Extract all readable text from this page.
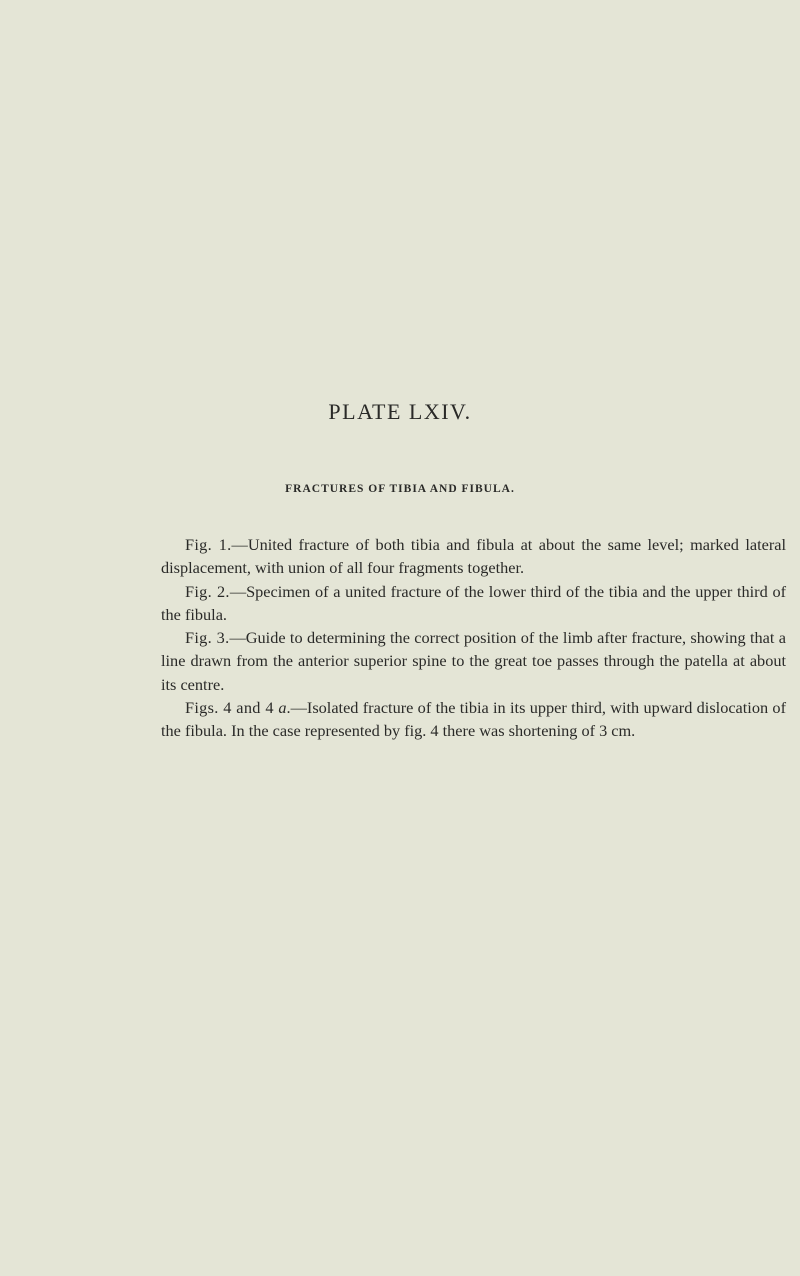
PLATE LXIV.
FRACTURES OF TIBIA AND FIBULA.

Fig. 1.—United fracture of both tibia and fibula at about the same level; marked lateral displacement, with union of all four fragments together.

Fig. 2.—Specimen of a united fracture of the lower third of the tibia and the upper third of the fibula.

Fig. 3.—Guide to determining the correct position of the limb after fracture, showing that a line drawn from the anterior superior spine to the great toe passes through the patella at about its centre.

Figs. 4 and 4 a.—Isolated fracture of the tibia in its upper third, with upward dislocation of the fibula. In the case represented by fig. 4 there was shortening of 3 cm.
